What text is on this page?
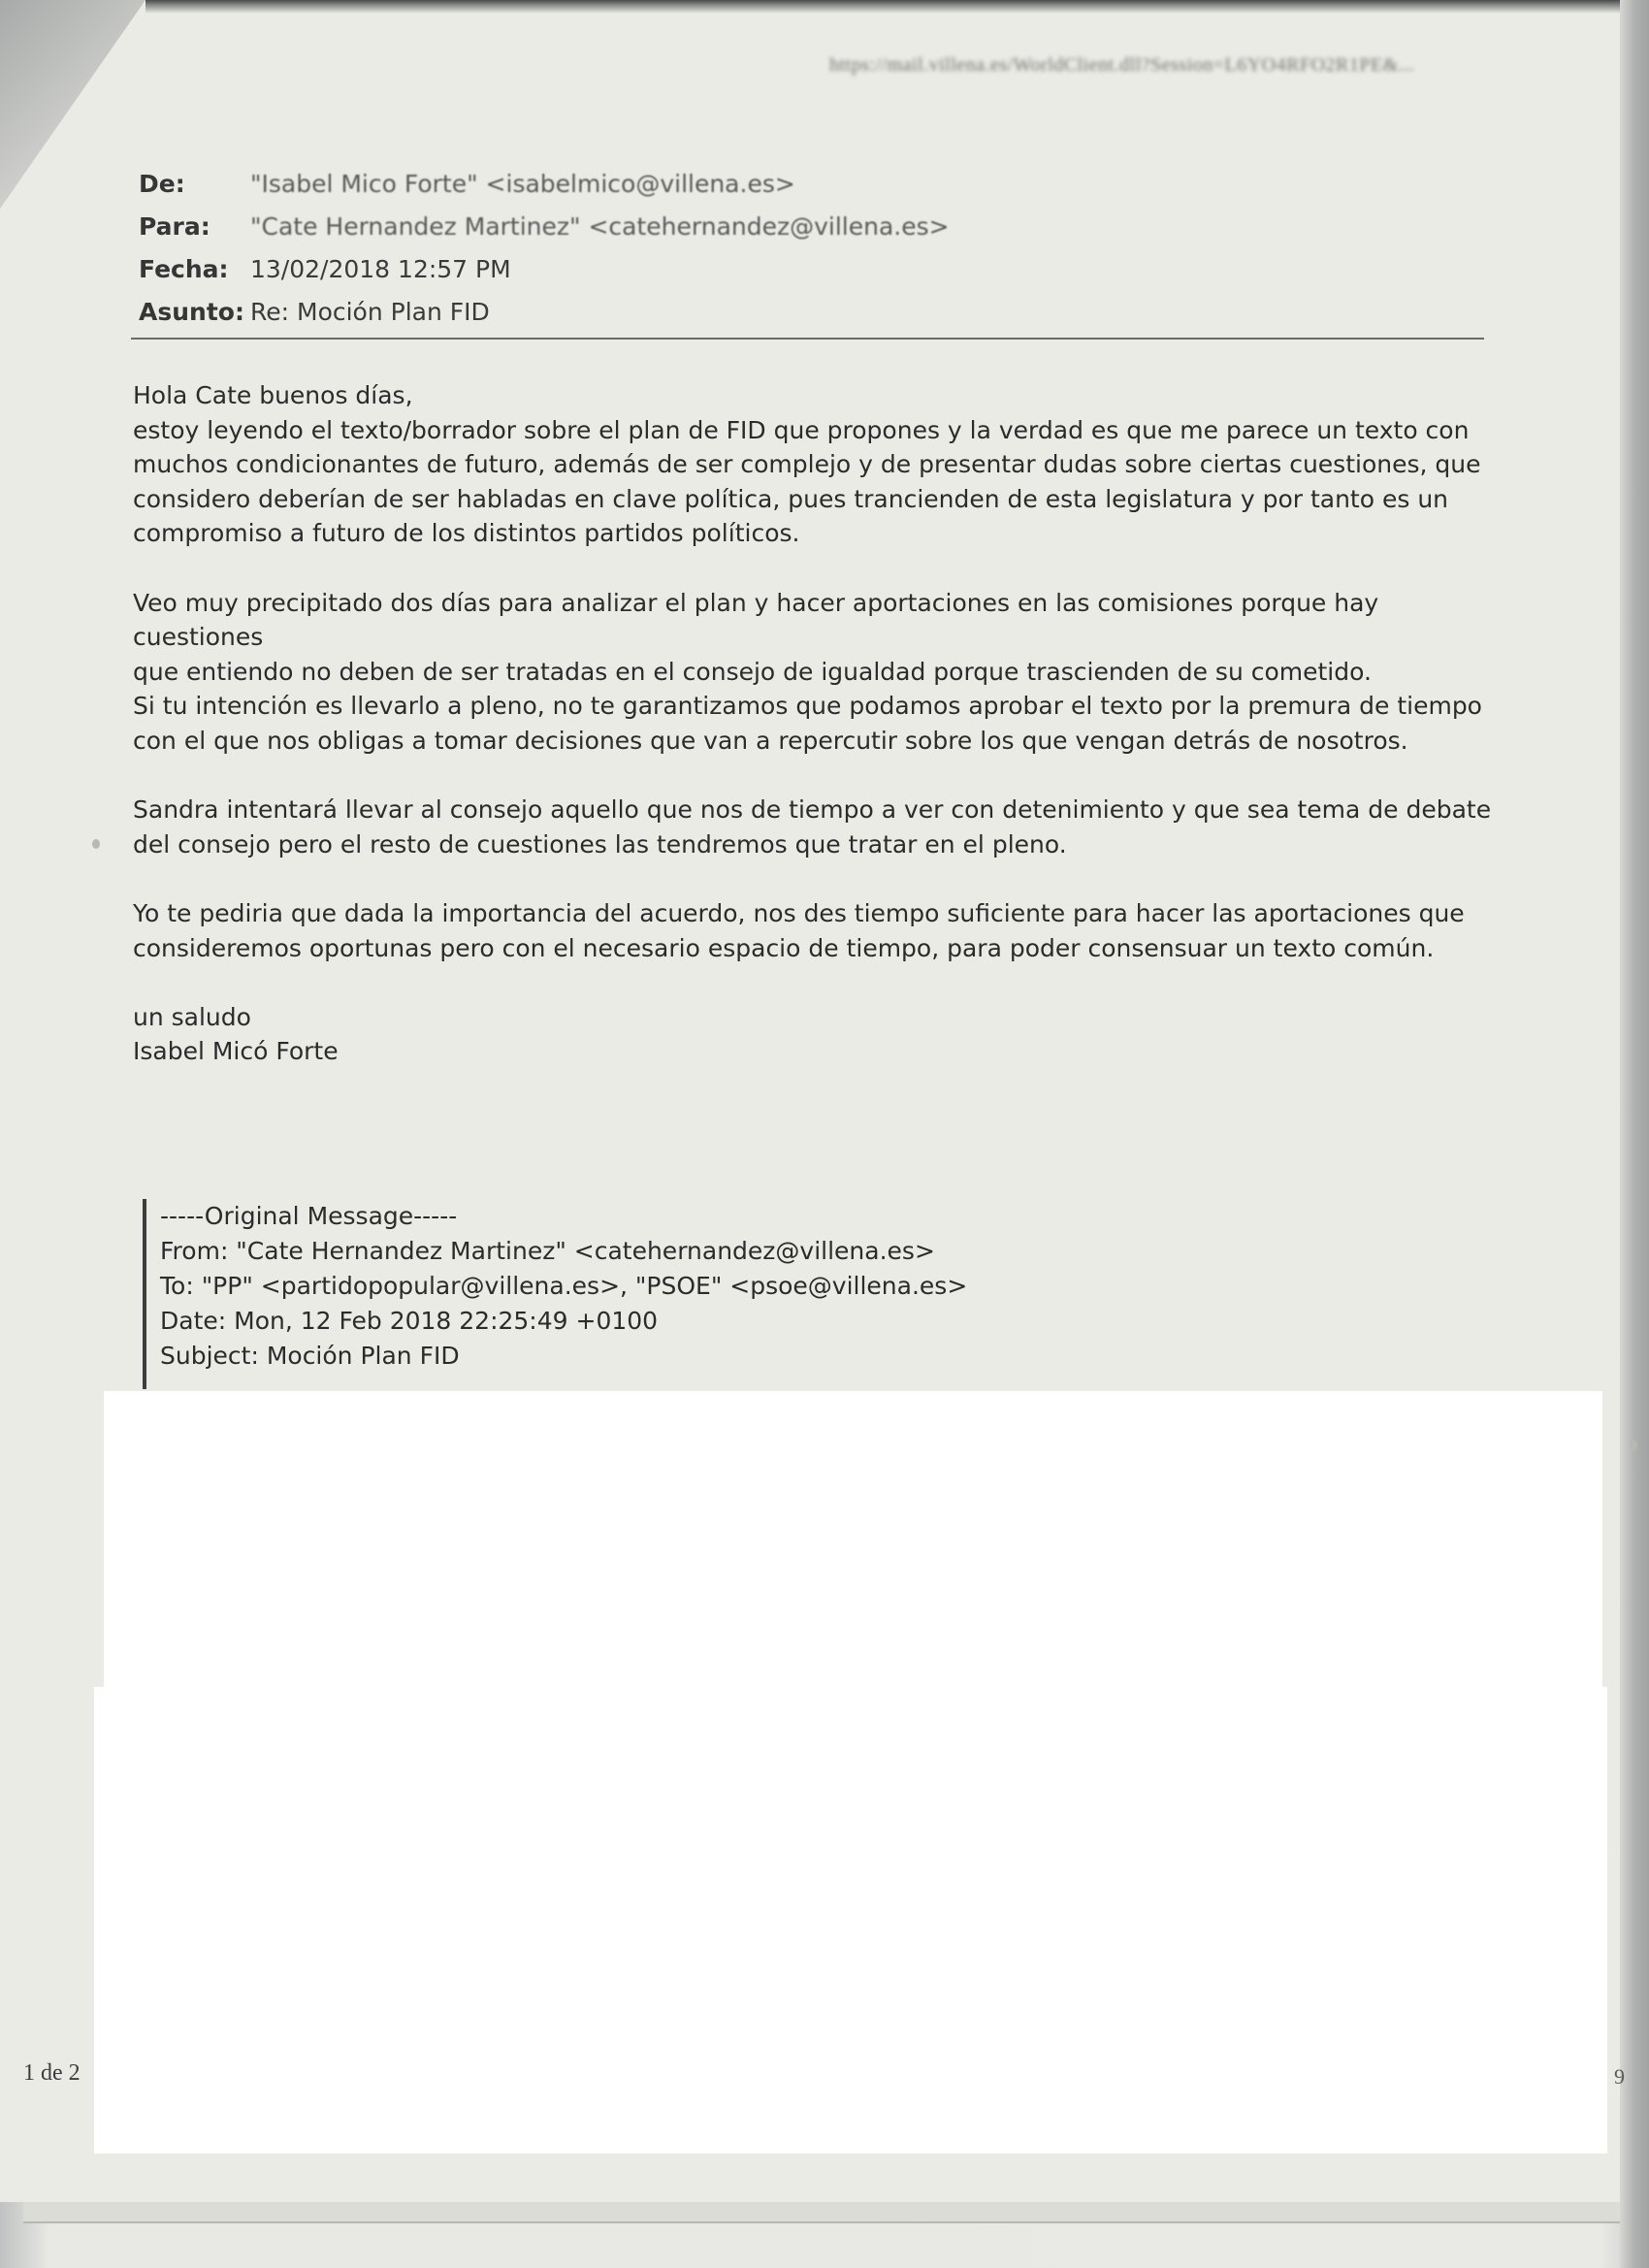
https://mail.villena.es/WorldClient.dll?Session=L6YO4RFO2R1PE&...
De:	"Isabel Mico Forte" <isabelmico@villena.es>
Para:	"Cate Hernandez Martinez" <catehernandez@villena.es>
Fecha: 13/02/2018 12:57 PM
Asunto: Re: Moción Plan FID

Hola Cate buenos días,
estoy leyendo el texto/borrador sobre el plan de FID que propones y la verdad es que me parece un texto con
muchos condicionantes de futuro, además de ser complejo y de presentar dudas sobre ciertas cuestiones, que
considero deberían de ser habladas en clave política, pues trancienden de esta legislatura y por tanto es un
compromiso a futuro de los distintos partidos políticos.

Veo muy precipitado dos días para analizar el plan y hacer aportaciones en las comisiones porque hay cuestiones
que entiendo no deben de ser tratadas en el consejo de igualdad porque trascienden de su cometido.
Si tu intención es llevarlo a pleno, no te garantizamos que podamos aprobar el texto por la premura de tiempo
con el que nos obligas a tomar decisiones que van a repercutir sobre los que vengan detrás de nosotros.

Sandra intentará llevar al consejo aquello que nos de tiempo a ver con detenimiento y que sea tema de debate
del consejo pero el resto de cuestiones las tendremos que tratar en el pleno.

Yo te pediria que dada la importancia del acuerdo, nos des tiempo suficiente para hacer las aportaciones que
consideremos oportunas pero con el necesario espacio de tiempo, para poder consensuar un texto común.

un saludo

Isabel Micó Forte

-----Original Message-----
From: "Cate Hernandez Martinez" <catehernandez@villena.es>
To: "PP" <partidopopular@villena.es>, "PSOE" <psoe@villena.es>
Date: Mon, 12 Feb 2018 22:25:49 +0100
Subject: Moción Plan FID
1 de 2	9
